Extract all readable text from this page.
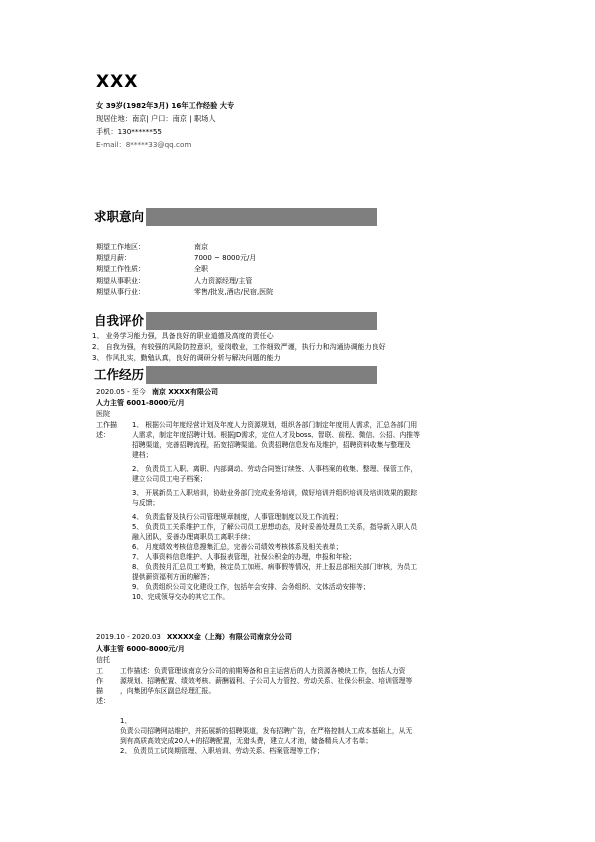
XXX
女 39岁(1982年3月) 16年工作经验 大专
现居住地：南京| 户口：南京 | 职场人
手机：130******55
E-mail：8*****33@qq.com
求职意向
期望工作地区：	南京
期望月薪：	7000 ~ 8000元/月
期望工作性质：	全职
期望从事职业：	人力资源经理/主管
期望从事行业：	零售/批发,酒店/民宿,医院
自我评价
1、 业务学习能力强，具备良好的职业道德及高度的责任心
2、 自我为强，有较强的风险防控意识，爱岗敬业，工作细致严谨，执行力和沟通协调能力良好
3、 作风扎实，勤勉认真，良好的调研分析与解决问题的能力
工作经历
2020.05 - 至今 南京 XXXX有限公司
人力主管 6001-8000元/月
医院
工作描述：

1、 根据公司年度经营计划及年度人力资源规划，组织各部门制定年度用人需求，汇总各部门用

人需求，制定年度招聘计划。根据JD需求，定位人才及boss、智联、前程、微信、公招、内推等

招聘渠道，完善招聘流程，拓宽招聘渠道。负责招聘信息发布及维护，招聘资料收集与整理及

建档；

2、 负责员工入职、离职、内部调动、劳动合同签订续签、人事档案的收集、整理、保管工作，

建立公司员工电子档案；

3、 开展新员工入职培训，协助业务部门完成业务培训，做好培训并组织培训及培训效果的跟踪

与反馈；

4、 负责监督及执行公司管理规章制度，人事管理制度以及工作流程；

5、 负责员工关系维护工作，了解公司员工思想动态，及时妥善处理员工关系，指导新入职人员

融入团队，妥善办理离职员工离职手续；

6、 月度绩效考核信息搜集汇总，完善公司绩效考核体系及相关表单；

7、 人事资料信息维护、人事报表管理，社保公积金的办理，申报和年检；

8、 负责按月汇总员工考勤，核定员工加班、病事假等情况，并上报总部相关部门审核，为员工

提供薪资福利方面的解答；

9、 负责组织公司文化建设工作，包括年会安排、会务组织、文体活动安排等；

10、完成领导交办的其它工作。

2019.10 - 2020.03 XXXXX金（上海）有限公司南京分公司
人事主管 6000-8000元/月
信托
工作描述：

工作描述：负责管理该南京分公司的前期筹备和自主运营后的人力资源各模块工作，包括人力资

源规划、招聘配置、绩效考核、薪酬福利、子公司人力管控、劳动关系、社保公积金、培训管理等

，向集团华东区副总经理汇报。

1、

负责公司招聘网站维护，并拓展新的招聘渠道，发布招聘广告，在严格控制人工成本基础上，从无

到有高质高效完成20人+的招聘配置，无猎头费，建立人才池，储备精兵人才名单；

2、 负责员工试岗期管理、入职培训、劳动关系、档案管理等工作；
